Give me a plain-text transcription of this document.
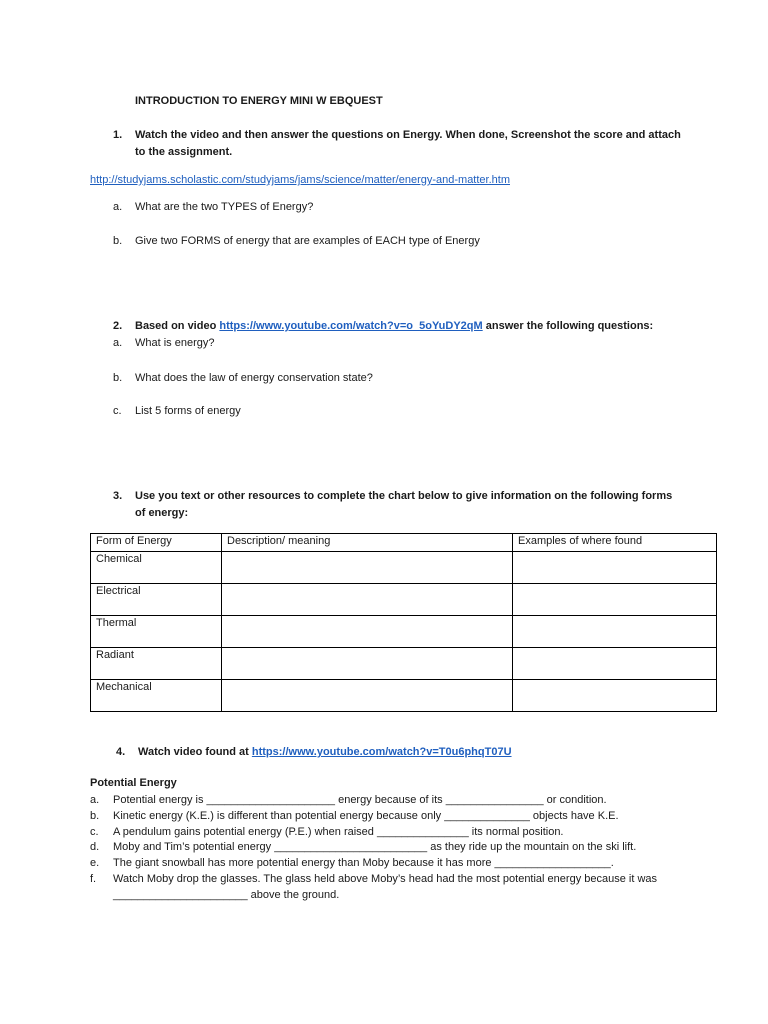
INTRODUCTION TO ENERGY MINI W EBQUEST
1. Watch the video and then answer the questions on Energy. When done, Screenshot the score and attach
to the assignment.
http://studyjams.scholastic.com/studyjams/jams/science/matter/energy-and-matter.htm
a. What are the two TYPES of Energy?
b. Give two FORMS of energy that are examples of EACH type of Energy
2. Based on video https://www.youtube.com/watch?v=o_5oYuDY2qM answer the following questions:
a. What is energy?
b. What does the law of energy conservation state?
c. List 5 forms of energy
3. Use you text or other resources to complete the chart below to give information on the following forms
of energy:
Form of Energy	Description/ meaning	Examples of where found
Chemical		
Electrical		
Thermal		
Radiant		
Mechanical		
4. Watch video found at https://www.youtube.com/watch?v=T0u6phqT07U
Potential Energy
a. Potential energy is _____________________ energy because of its ________________ or condition.
b. Kinetic energy (K.E.) is different than potential energy because only ______________ objects have K.E.
c. A pendulum gains potential energy (P.E.) when raised _______________ its normal position.
d. Moby and Tim’s potential energy _________________________ as they ride up the mountain on the ski lift.
e. The giant snowball has more potential energy than Moby because it has more ___________________.
f. Watch Moby drop the glasses. The glass held above Moby’s head had the most potential energy because it was
______________________ above the ground.
